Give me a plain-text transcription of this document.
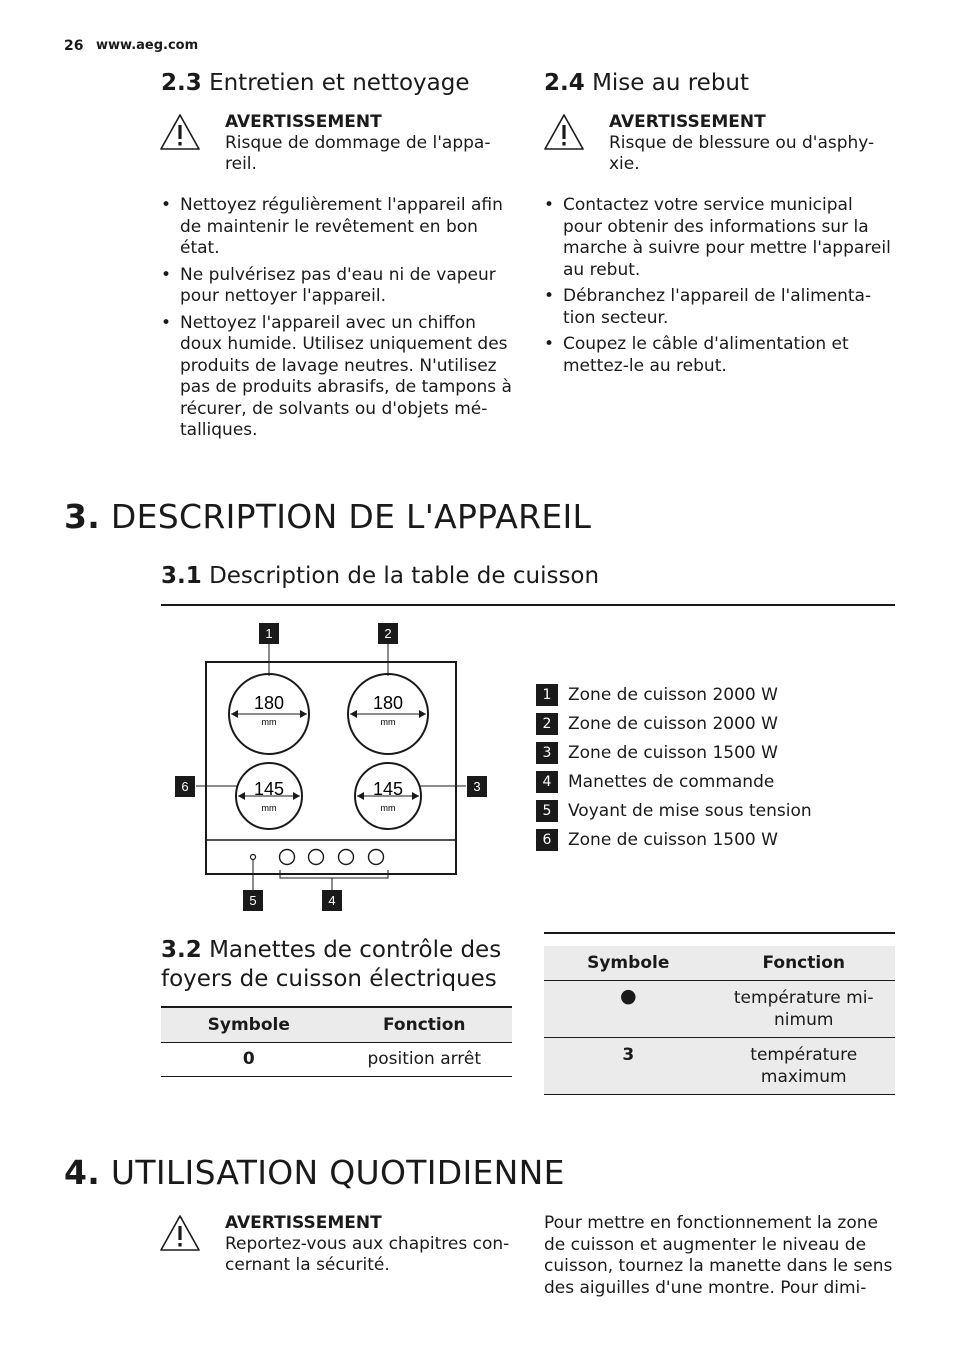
26 www.aeg.com
2.3 Entretien et nettoyage
AVERTISSEMENT
Risque de dommage de l'appa-
reil.
• Nettoyez régulièrement l'appareil afin de maintenir le revêtement en bon état.
• Ne pulvérisez pas d'eau ni de vapeur pour nettoyer l'appareil.
• Nettoyez l'appareil avec un chiffon doux humide. Utilisez uniquement des produits de lavage neutres. N'utilisez pas de produits abrasifs, de tampons à récurer, de solvants ou d'objets mé- talliques.
2.4 Mise au rebut
AVERTISSEMENT
Risque de blessure ou d'asphy-
xie.
• Contactez votre service municipal pour obtenir des informations sur la marche à suivre pour mettre l'appareil au rebut.
• Débranchez l'appareil de l'alimenta- tion secteur.
• Coupez le câble d'alimentation et mettez-le au rebut.
3. DESCRIPTION DE L'APPAREIL
3.1 Description de la table de cuisson
180
mm
180
mm
145
mm
145
mm
1	2
3
4
5
6
1 Zone de cuisson 2000 W
2 Zone de cuisson 2000 W
3 Zone de cuisson 1500 W
4 Manettes de commande
5 Voyant de mise sous tension
6 Zone de cuisson 1500 W
3.2 Manettes de contrôle des
foyers de cuisson électriques
Symbole	Fonction
0	position arrêt
Symbole	Fonction
●	température mi-
nimum

3	température
maximum
4. UTILISATION QUOTIDIENNE
AVERTISSEMENT
Reportez-vous aux chapitres con-
cernant la sécurité.
Pour mettre en fonctionnement la zone
de cuisson et augmenter le niveau de
cuisson, tournez la manette dans le sens
des aiguilles d'une montre. Pour dimi-
